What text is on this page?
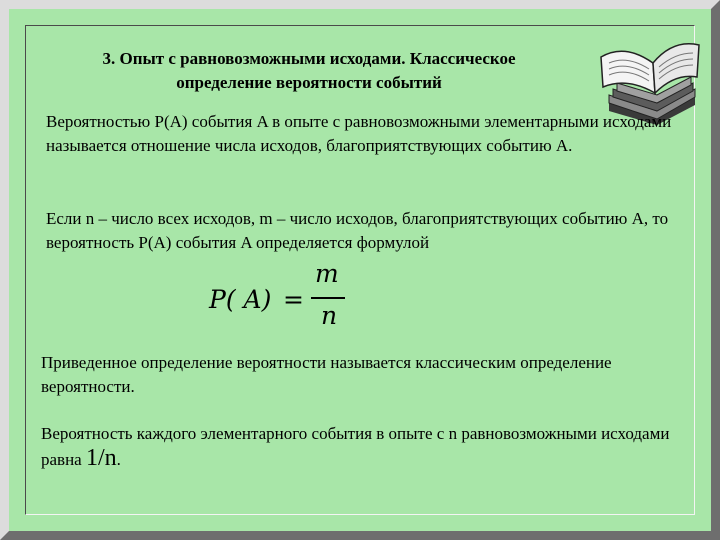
3. Опыт с равновозможными исходами. Классическое
определение вероятности событий

Вероятностью P(A) события A в опыте с равновозможными элементарными исходами называется отношение числа исходов, благоприятствующих событию A.

Если n – число всех исходов, m – число исходов, благоприятствующих событию A, то вероятность P(A) события A определяется формулой

P( A) =
m
n

Приведенное определение вероятности называется классическим определение вероятности.

Вероятность каждого элементарного события в опыте с n равновозможными исходами равна 1/n.
